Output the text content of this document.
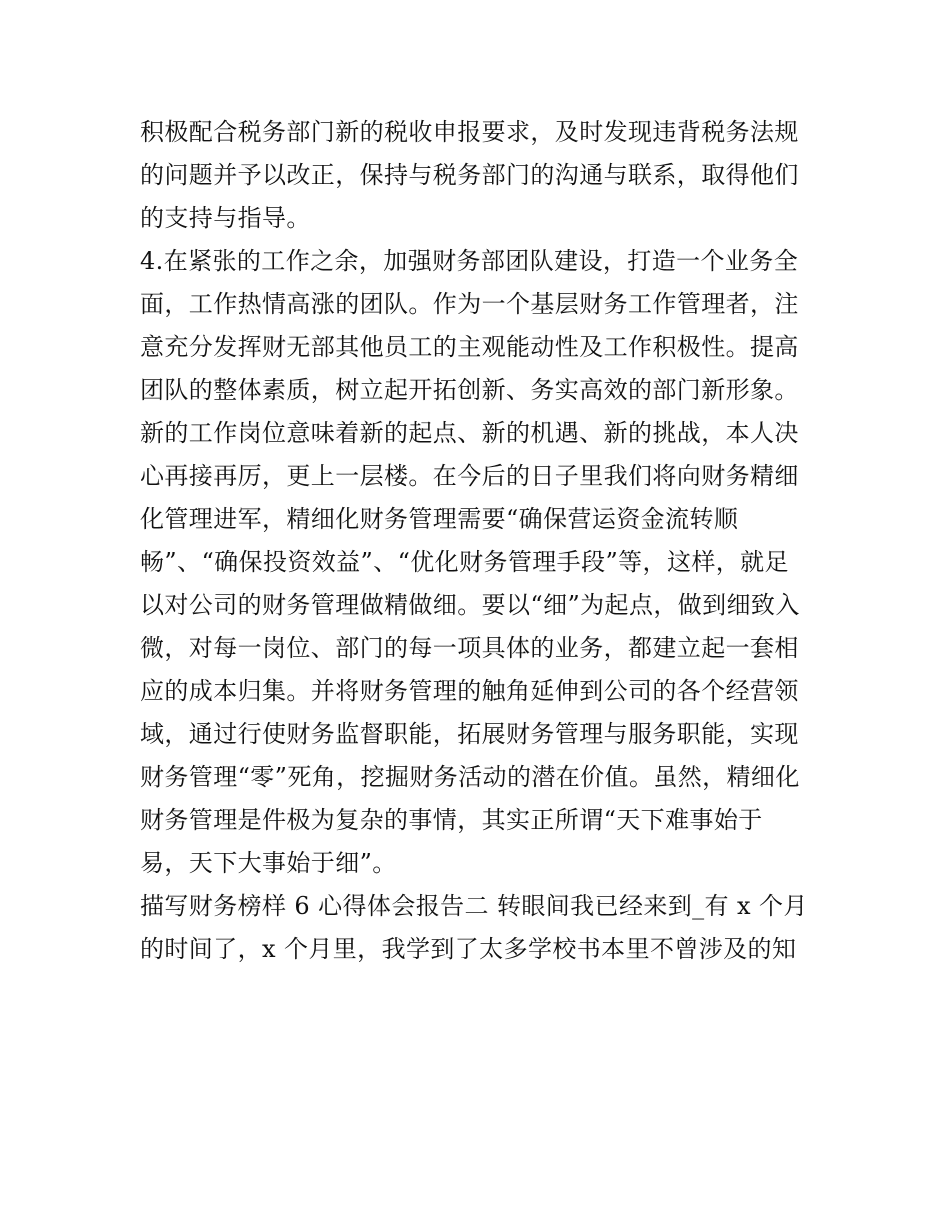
积极配合税务部门新的税收申报要求，及时发现违背税务法规
的问题并予以改正，保持与税务部门的沟通与联系，取得他们
的支持与指导。
4.在紧张的工作之余，加强财务部团队建设，打造一个业务全
面，工作热情高涨的团队。作为一个基层财务工作管理者，注
意充分发挥财无部其他员工的主观能动性及工作积极性。提高
团队的整体素质，树立起开拓创新、务实高效的部门新形象。
新的工作岗位意味着新的起点、新的机遇、新的挑战，本人决
心再接再厉，更上一层楼。在今后的日子里我们将向财务精细
化管理进军，精细化财务管理需要“确保营运资金流转顺
畅”、“确保投资效益”、“优化财务管理手段”等，这样，就足
以对公司的财务管理做精做细。要以“细”为起点，做到细致入
微，对每一岗位、部门的每一项具体的业务，都建立起一套相
应的成本归集。并将财务管理的触角延伸到公司的各个经营领
域，通过行使财务监督职能，拓展财务管理与服务职能，实现
财务管理“零”死角，挖掘财务活动的潜在价值。虽然，精细化
财务管理是件极为复杂的事情，其实正所谓“天下难事始于
易，天下大事始于细”。
描写财务榜样 6 心得体会报告二 转眼间我已经来到_有 x 个月
的时间了，x 个月里，我学到了太多学校书本里不曾涉及的知
